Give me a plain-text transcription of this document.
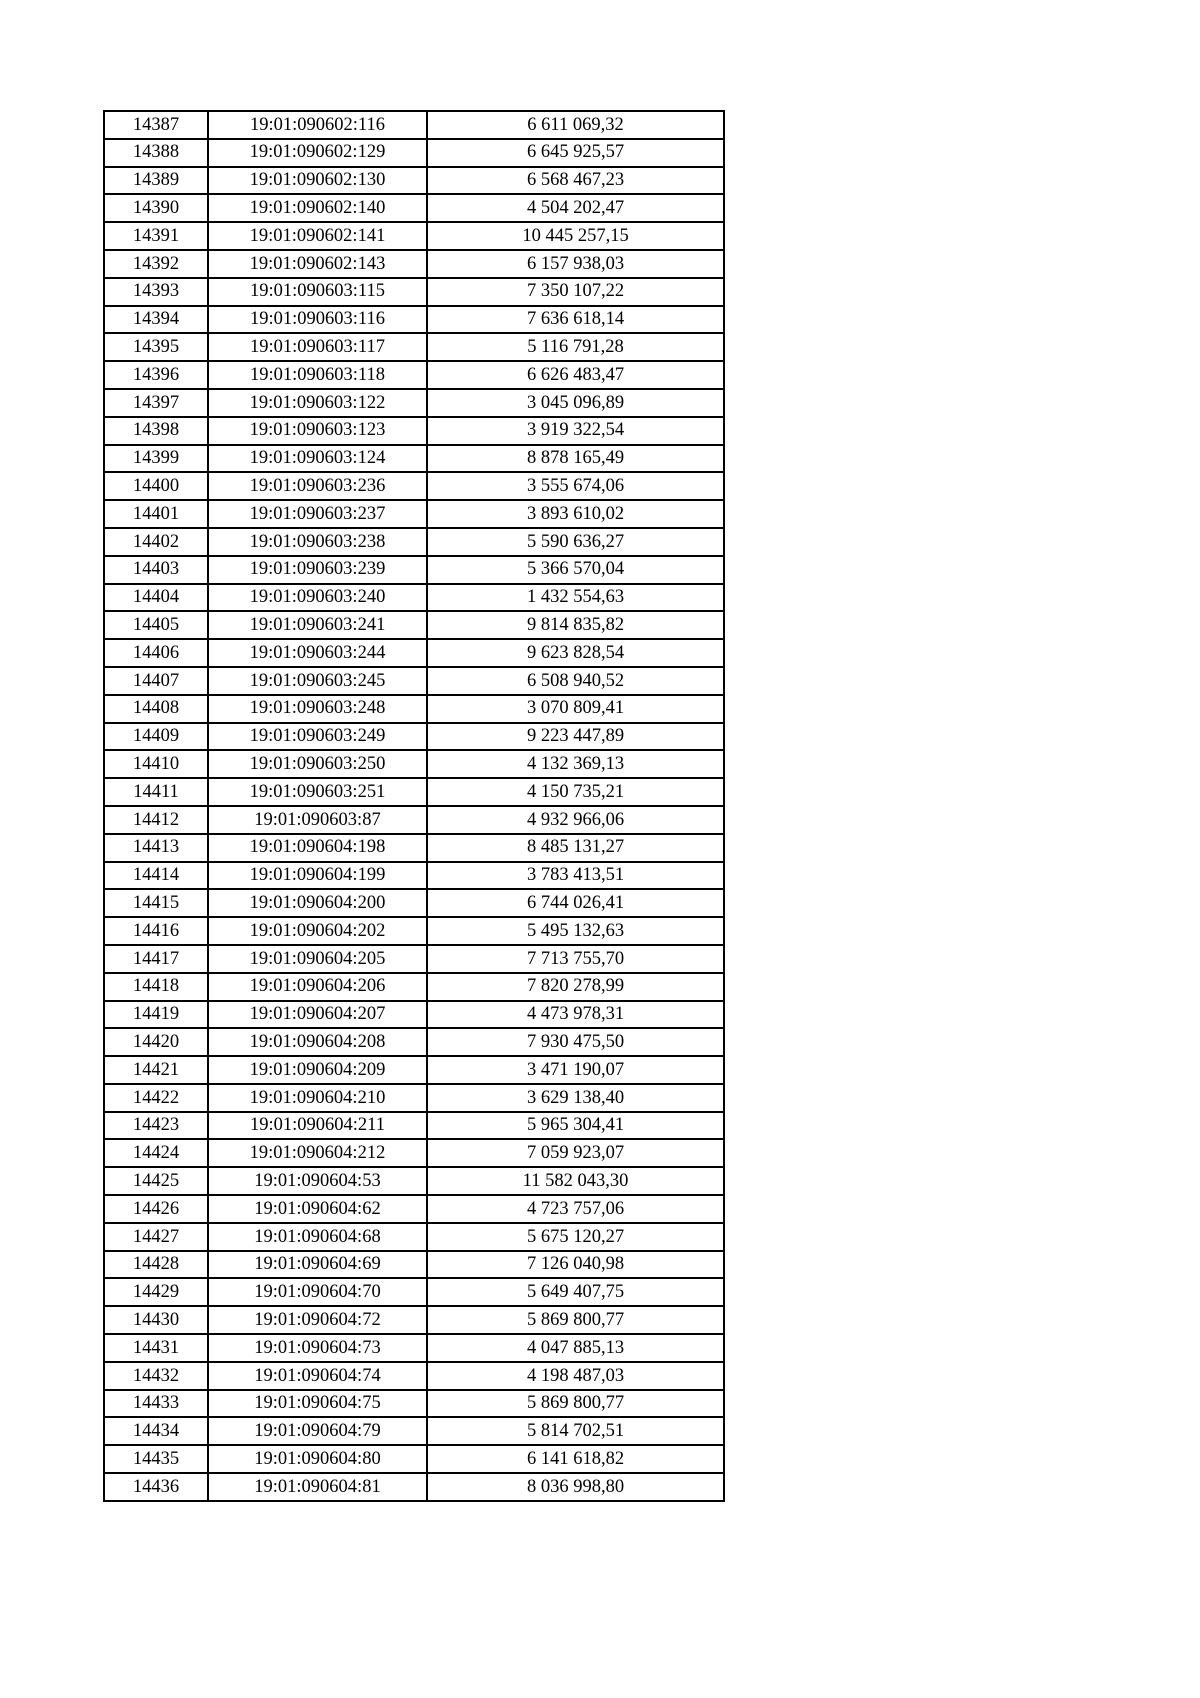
14387	19:01:090602:116	6 611 069,32
14388	19:01:090602:129	6 645 925,57
14389	19:01:090602:130	6 568 467,23
14390	19:01:090602:140	4 504 202,47
14391	19:01:090602:141	10 445 257,15
14392	19:01:090602:143	6 157 938,03
14393	19:01:090603:115	7 350 107,22
14394	19:01:090603:116	7 636 618,14
14395	19:01:090603:117	5 116 791,28
14396	19:01:090603:118	6 626 483,47
14397	19:01:090603:122	3 045 096,89
14398	19:01:090603:123	3 919 322,54
14399	19:01:090603:124	8 878 165,49
14400	19:01:090603:236	3 555 674,06
14401	19:01:090603:237	3 893 610,02
14402	19:01:090603:238	5 590 636,27
14403	19:01:090603:239	5 366 570,04
14404	19:01:090603:240	1 432 554,63
14405	19:01:090603:241	9 814 835,82
14406	19:01:090603:244	9 623 828,54
14407	19:01:090603:245	6 508 940,52
14408	19:01:090603:248	3 070 809,41
14409	19:01:090603:249	9 223 447,89
14410	19:01:090603:250	4 132 369,13
14411	19:01:090603:251	4 150 735,21
14412	19:01:090603:87	4 932 966,06
14413	19:01:090604:198	8 485 131,27
14414	19:01:090604:199	3 783 413,51
14415	19:01:090604:200	6 744 026,41
14416	19:01:090604:202	5 495 132,63
14417	19:01:090604:205	7 713 755,70
14418	19:01:090604:206	7 820 278,99
14419	19:01:090604:207	4 473 978,31
14420	19:01:090604:208	7 930 475,50
14421	19:01:090604:209	3 471 190,07
14422	19:01:090604:210	3 629 138,40
14423	19:01:090604:211	5 965 304,41
14424	19:01:090604:212	7 059 923,07
14425	19:01:090604:53	11 582 043,30
14426	19:01:090604:62	4 723 757,06
14427	19:01:090604:68	5 675 120,27
14428	19:01:090604:69	7 126 040,98
14429	19:01:090604:70	5 649 407,75
14430	19:01:090604:72	5 869 800,77
14431	19:01:090604:73	4 047 885,13
14432	19:01:090604:74	4 198 487,03
14433	19:01:090604:75	5 869 800,77
14434	19:01:090604:79	5 814 702,51
14435	19:01:090604:80	6 141 618,82
14436	19:01:090604:81	8 036 998,80
